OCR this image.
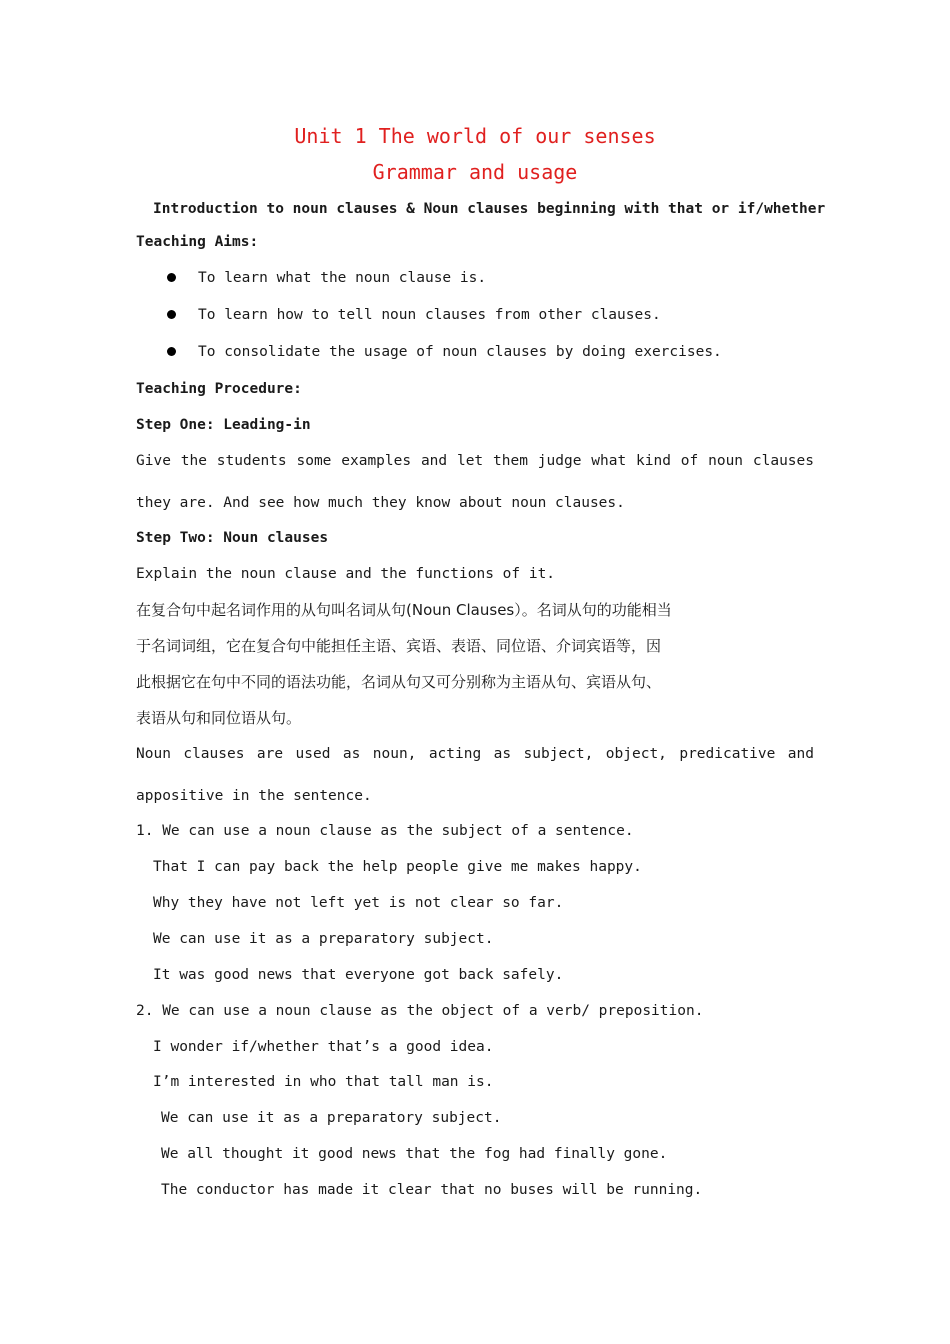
Unit 1 The world of our senses
Grammar and usage
Introduction to noun clauses & Noun clauses beginning with that or if/whether
Teaching Aims:
To learn what the noun clause is.
To learn how to tell noun clauses from other clauses.
To consolidate the usage of noun clauses by doing exercises.
Teaching Procedure:
Step One: Leading-in
Give the students some examples and let them judge what kind of noun clauses
they are. And see how much they know about noun clauses.
Step Two: Noun clauses
Explain the noun clause and the functions of it.
在复合句中起名词作用的从句叫名词从句(Noun Clauses）。名词从句的功能相当
于名词词组，它在复合句中能担任主语、宾语、表语、同位语、介词宾语等，因
此根据它在句中不同的语法功能，名词从句又可分别称为主语从句、宾语从句、
表语从句和同位语从句。
Noun clauses are used as noun, acting as subject, object, predicative and
appositive in the sentence.
1. We can use a noun clause as the subject of a sentence.
That I can pay back the help people give me makes happy.
Why they have not left yet is not clear so far.
We can use it as a preparatory subject.
It was good news that everyone got back safely.
2. We can use a noun clause as the object of a verb/ preposition.
I wonder if/whether that’s a good idea.
I’m interested in who that tall man is.
We can use it as a preparatory subject.
We all thought it good news that the fog had finally gone.
The conductor has made it clear that no buses will be running.
